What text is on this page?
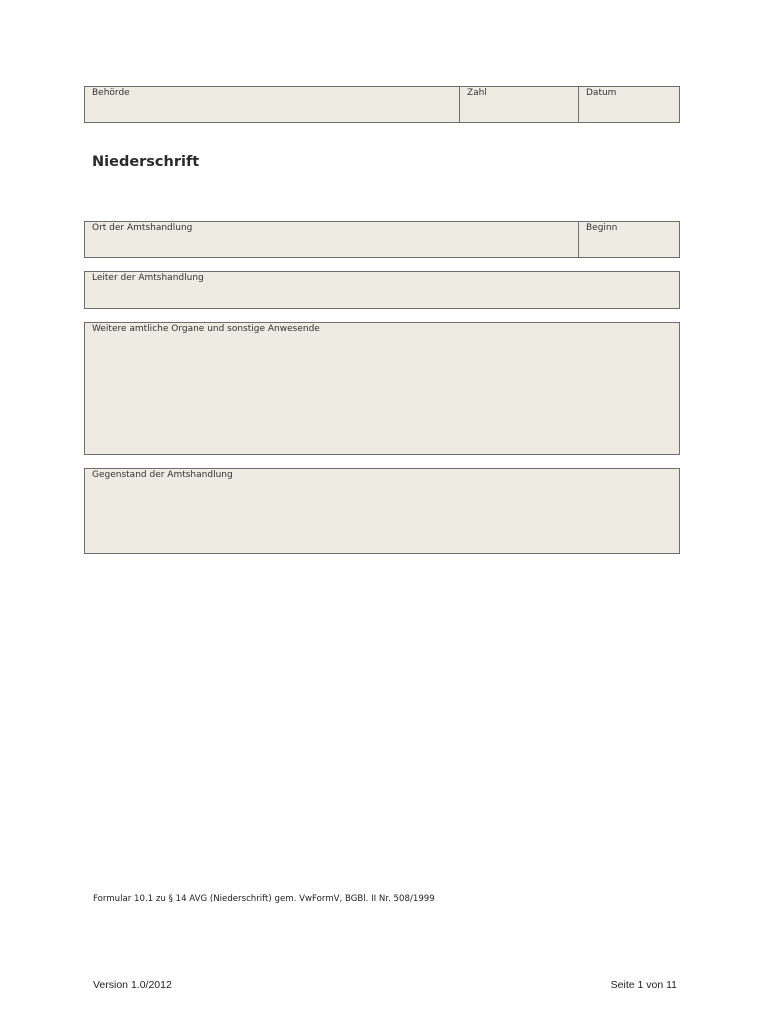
Behörde	Zahl	Datum
Niederschrift
Ort der Amtshandlung	Beginn
Leiter der Amtshandlung
Weitere amtliche Organe und sonstige Anwesende
Gegenstand der Amtshandlung
Formular 10.1 zu § 14 AVG (Niederschrift) gem. VwFormV, BGBl. II Nr. 508/1999
Version 1.0/2012	Seite 1 von 11
